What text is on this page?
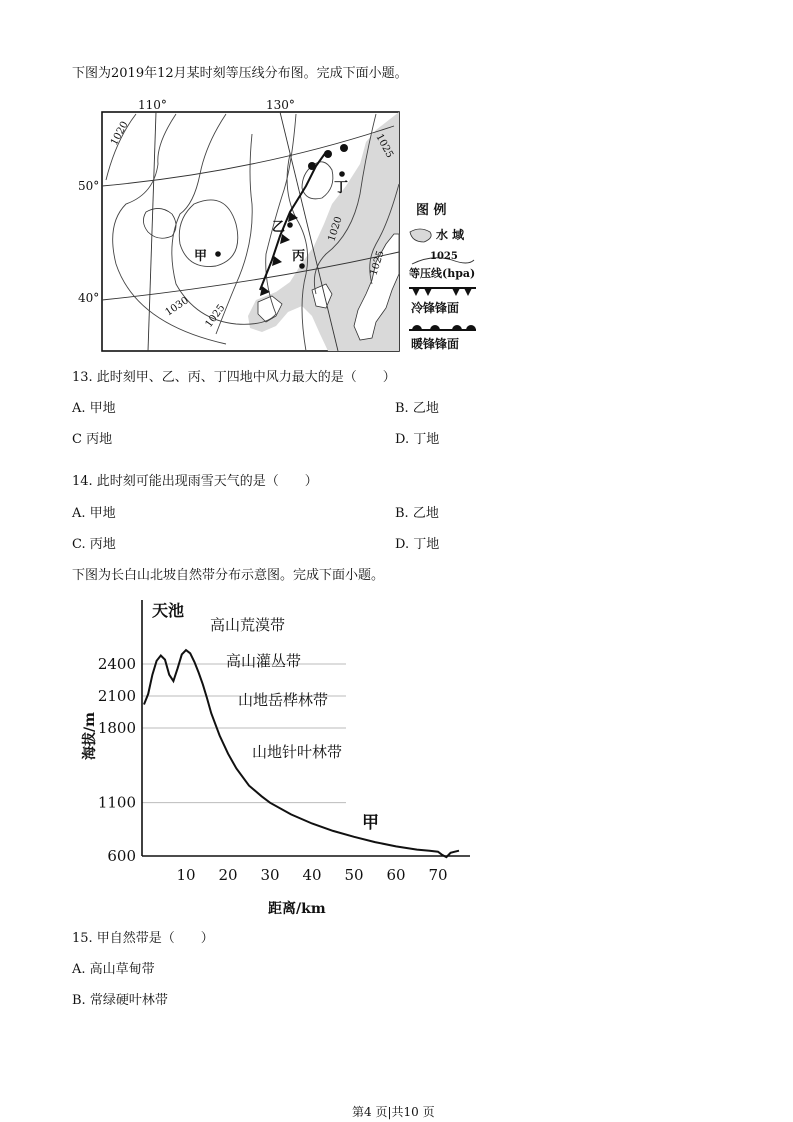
下图为2019年12月某时刻等压线分布图。完成下面小题。
110°	130°
1020
1020
1025
1025
1025
1030
50°
40°
甲
乙
丙
丁
图 例
水 域
1025
等压线(hpa)
冷锋锋面
暖锋锋面
13. 此时刻甲、乙、丙、丁四地中风力最大的是（　　）
A. 甲地	B. 乙地
C 丙地	D. 丁地
14. 此时刻可能出现雨雪天气的是（　　）
A. 甲地	B. 乙地
C. 丙地	D. 丁地
下图为长白山北坡自然带分布示意图。完成下面小题。
600
1100
1800
2100
2400
10 20 30 40 50 60 70
天池
甲
高山荒漠带
高山灌丛带
山地岳桦林带
山地针叶林带
距离/km
海拔/m
15. 甲自然带是（　　）
A. 高山草甸带
B. 常绿硬叶林带
第4 页|共10 页
